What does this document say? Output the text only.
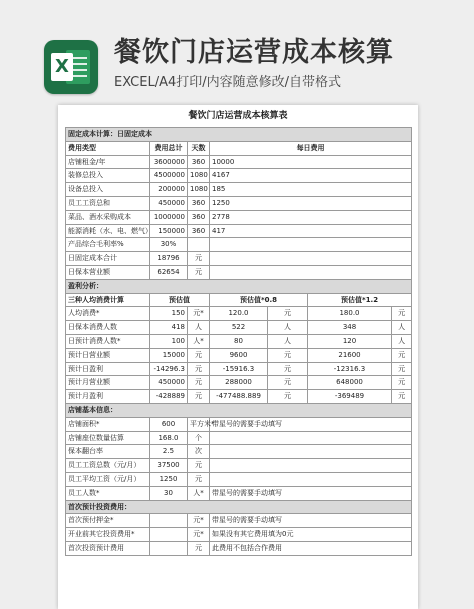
X 餐饮门店运营成本核算
EXCEL/A4打印/内容随意修改/自带格式
餐饮门店运营成本核算表
固定成本计算：日固定成本						
费用类型	费用总计	天数	每日费用			
店铺租金/年	3600000	360	10000			
装修总投入	4500000	1080	4167			
设备总投入	200000	1080	185			
员工工资总和	450000	360	1250			
菜品、酒水采购成本	1000000	360	2778			
能源消耗（水、电、燃气）	150000	360	417			
产品综合毛利率%	30%					
日固定成本合计	18796	元				
日保本营业额	62654	元				
盈利分析：						
三种人均消费计算	预估值		预估值*0.8		预估值*1.2	
人均消费*	150	元*	120.0	元	180.0	元
日保本消费人数	418	人	522	人	348	人
日预计消费人数*	100	人*	80	人	120	人
预计日营业额	15000	元	9600	元	21600	元
预计日盈利	-14296.3	元	-15916.3	元	-12316.3	元
预计月营业额	450000	元	288000	元	648000	元
预计月盈利	-428889	元	-477488.889	元	-369489	元
店铺基本信息：						
店铺面积*	600	平方米*	带星号的需要手动填写			
店铺座位数量估算	168.0	个				
保本翻台率	2.5	次				
员工工资总数（元/月）	37500	元				
员工平均工资（元/月）	1250	元				
员工人数*	30	人*	带星号的需要手动填写			
首次预计投资费用：						
首次预付押金*		元*	带星号的需要手动填写			
开业前其它投资费用*		元*	如果没有其它费用填为0元			
首次投资预计费用		元	此费用不包括合作费用			
